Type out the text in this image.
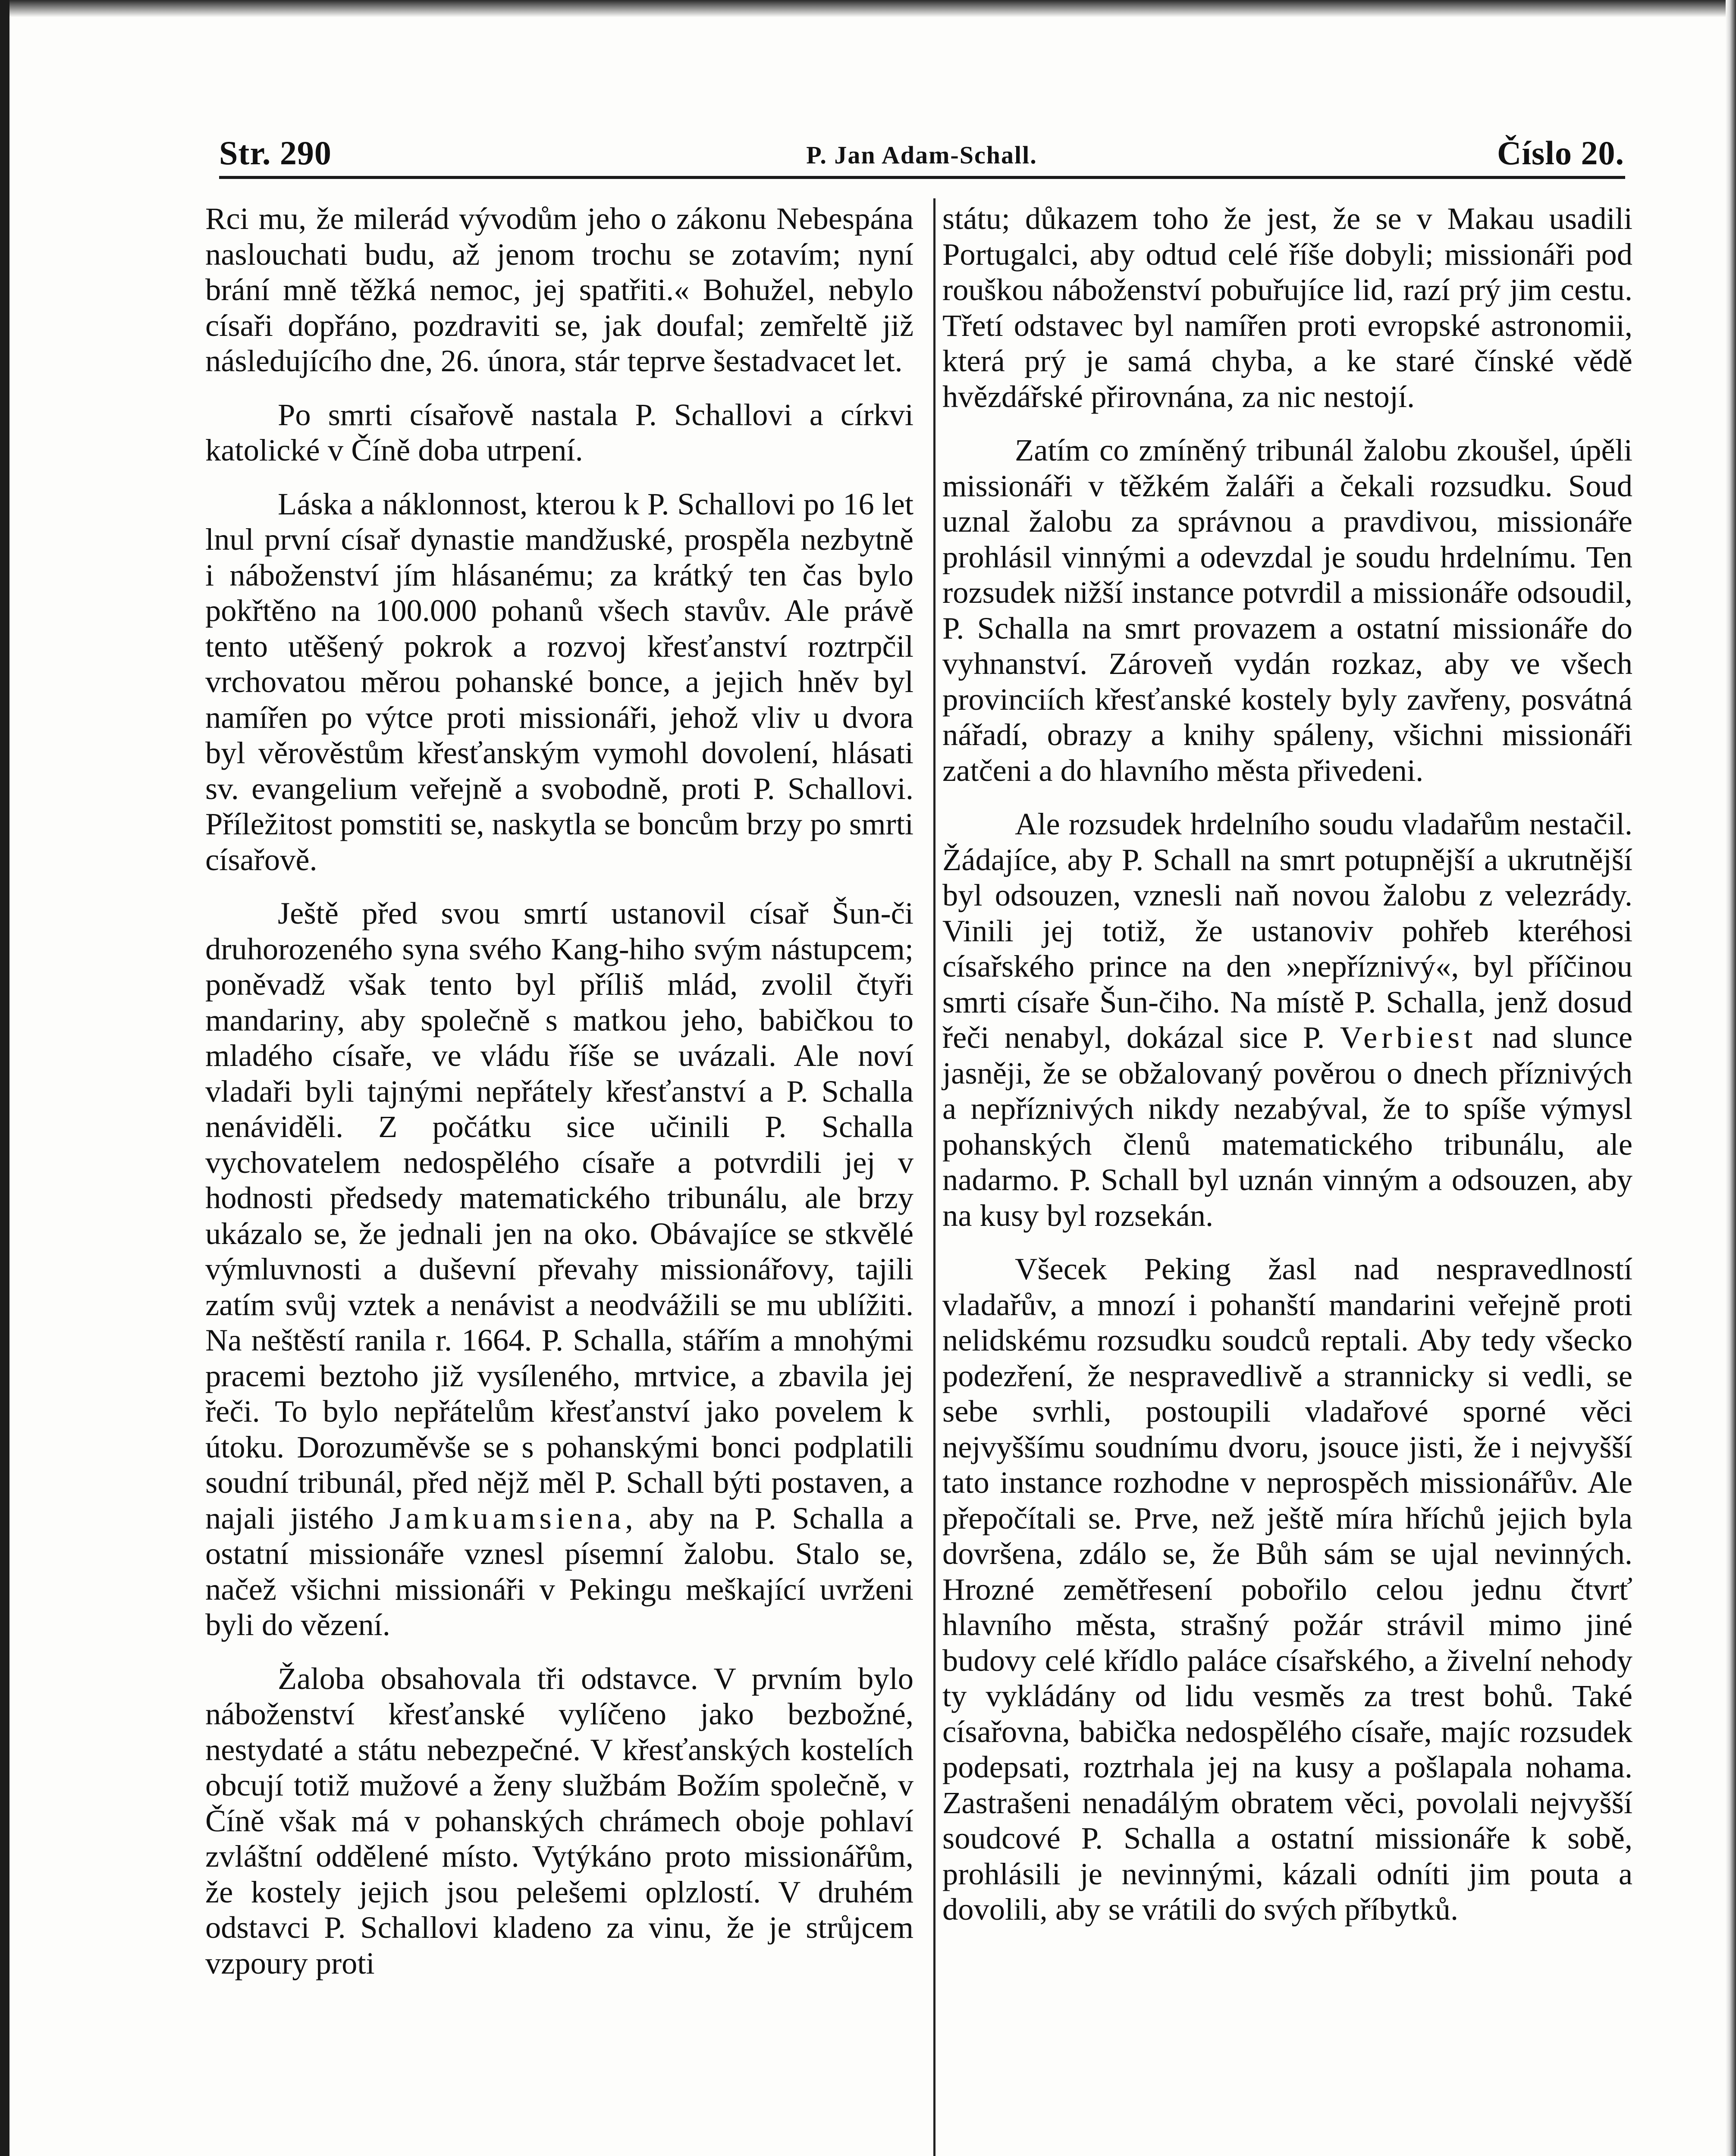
Str. 290	P. Jan Adam-Schall.	Číslo 20.

Rci mu, že milerád vývodům jeho o zákonu Nebespána naslouchati budu, až jenom trochu se zotavím; nyní brání mně těžká nemoc, jej spatřiti.« Bohužel, nebylo císaři dopřáno, pozdraviti se, jak doufal; zemřeltě již následujícího dne, 26. února, stár teprve šestadvacet let.

Po smrti císařově nastala P. Schallovi a církvi katolické v Číně doba utrpení.

Láska a náklonnost, kterou k P. Schallovi po 16 let lnul první císař dynastie mandžuské, prospěla nezbytně i náboženství jím hlásanému; za krátký ten čas bylo pokřtěno na 100.000 pohanů všech stavův. Ale právě tento utěšený pokrok a rozvoj křesťanství roztrpčil vrchovatou měrou pohanské bonce, a jejich hněv byl namířen po výtce proti missionáři, jehož vliv u dvora byl věrověstům křesťanským vymohl dovolení, hlásati sv. evangelium veřejně a svobodně, proti P. Schallovi. Příležitost pomstiti se, naskytla se boncům brzy po smrti císařově.

Ještě před svou smrtí ustanovil císař Šun-či druhorozeného syna svého Kang-hiho svým nástupcem; poněvadž však tento byl příliš mlád, zvolil čtyři mandariny, aby společně s matkou jeho, babičkou to mladého císaře, ve vládu říše se uvázali. Ale noví vladaři byli tajnými nepřátely křesťanství a P. Schalla nenáviděli. Z počátku sice učinili P. Schalla vychovatelem nedospělého císaře a potvrdili jej v hodnosti předsedy matematického tribunálu, ale brzy ukázalo se, že jednali jen na oko. Obávajíce se stkvělé výmluvnosti a duševní převahy missionářovy, tajili zatím svůj vztek a nenávist a neodvážili se mu ublížiti. Na neštěstí ranila r. 1664. P. Schalla, stářím a mnohými pracemi beztoho již vysíleného, mrtvice, a zbavila jej řeči. To bylo nepřátelům křesťanství jako povelem k útoku. Dorozuměvše se s pohanskými bonci podplatili soudní tribunál, před nějž měl P. Schall býti postaven, a najali jistého Jamkuamsiena, aby na P. Schalla a ostatní missionáře vznesl písemní žalobu. Stalo se, načež všichni missionáři v Pekingu meškající uvrženi byli do vězení.

Žaloba obsahovala tři odstavce. V prvním bylo náboženství křesťanské vylíčeno jako bezbožné, nestydaté a státu nebezpečné. V křesťanských kostelích obcují totiž mužové a ženy službám Božím společně, v Číně však má v pohanských chrámech oboje pohlaví zvláštní oddělené místo. Vytýkáno proto missionářům, že kostely jejich jsou pelešemi oplzlostí. V druhém odstavci P. Schallovi kladeno za vinu, že je strůjcem vzpoury proti

státu; důkazem toho že jest, že se v Makau usadili Portugalci, aby odtud celé říše dobyli; missionáři pod rouškou náboženství pobuřujíce lid, razí prý jim cestu. Třetí odstavec byl namířen proti evropské astronomii, která prý je samá chyba, a ke staré čínské vědě hvězdářské přirovnána, za nic nestojí.

Zatím co zmíněný tribunál žalobu zkoušel, úpěli missionáři v těžkém žaláři a čekali rozsudku. Soud uznal žalobu za správnou a pravdivou, missionáře prohlásil vinnými a odevzdal je soudu hrdelnímu. Ten rozsudek nižší instance potvrdil a missionáře odsoudil, P. Schalla na smrt provazem a ostatní missionáře do vyhnanství. Zároveň vydán rozkaz, aby ve všech provinciích křesťanské kostely byly zavřeny, posvátná nářadí, obrazy a knihy spáleny, všichni missionáři zatčeni a do hlavního města přivedeni.

Ale rozsudek hrdelního soudu vladařům nestačil. Žádajíce, aby P. Schall na smrt potupnější a ukrutnější byl odsouzen, vznesli naň novou žalobu z velezrády. Vinili jej totiž, že ustanoviv pohřeb kteréhosi císařského prince na den »nepříznivý«, byl příčinou smrti císaře Šun-čiho. Na místě P. Schalla, jenž dosud řeči nenabyl, dokázal sice P. Verbiest nad slunce jasněji, že se obžalovaný pověrou o dnech příznivých a nepříznivých nikdy nezabýval, že to spíše výmysl pohanských členů matematického tribunálu, ale nadarmo. P. Schall byl uznán vinným a odsouzen, aby na kusy byl rozsekán.

Všecek Peking žasl nad nespravedlností vladařův, a mnozí i pohanští mandarini veřejně proti nelidskému rozsudku soudců reptali. Aby tedy všecko podezření, že nespravedlivě a strannicky si vedli, se sebe svrhli, postoupili vladařové sporné věci nejvyššímu soudnímu dvoru, jsouce jisti, že i nejvyšší tato instance rozhodne v neprospěch missionářův. Ale přepočítali se. Prve, než ještě míra hříchů jejich byla dovršena, zdálo se, že Bůh sám se ujal nevinných. Hrozné zemětřesení pobořilo celou jednu čtvrť hlavního města, strašný požár strávil mimo jiné budovy celé křídlo paláce císařského, a živelní nehody ty vykládány od lidu vesměs za trest bohů. Také císařovna, babička nedospělého císaře, majíc rozsudek podepsati, roztrhala jej na kusy a pošlapala nohama. Zastrašeni nenadálým obratem věci, povolali nejvyšší soudcové P. Schalla a ostatní missionáře k sobě, prohlásili je nevinnými, kázali odníti jim pouta a dovolili, aby se vrátili do svých příbytků.
